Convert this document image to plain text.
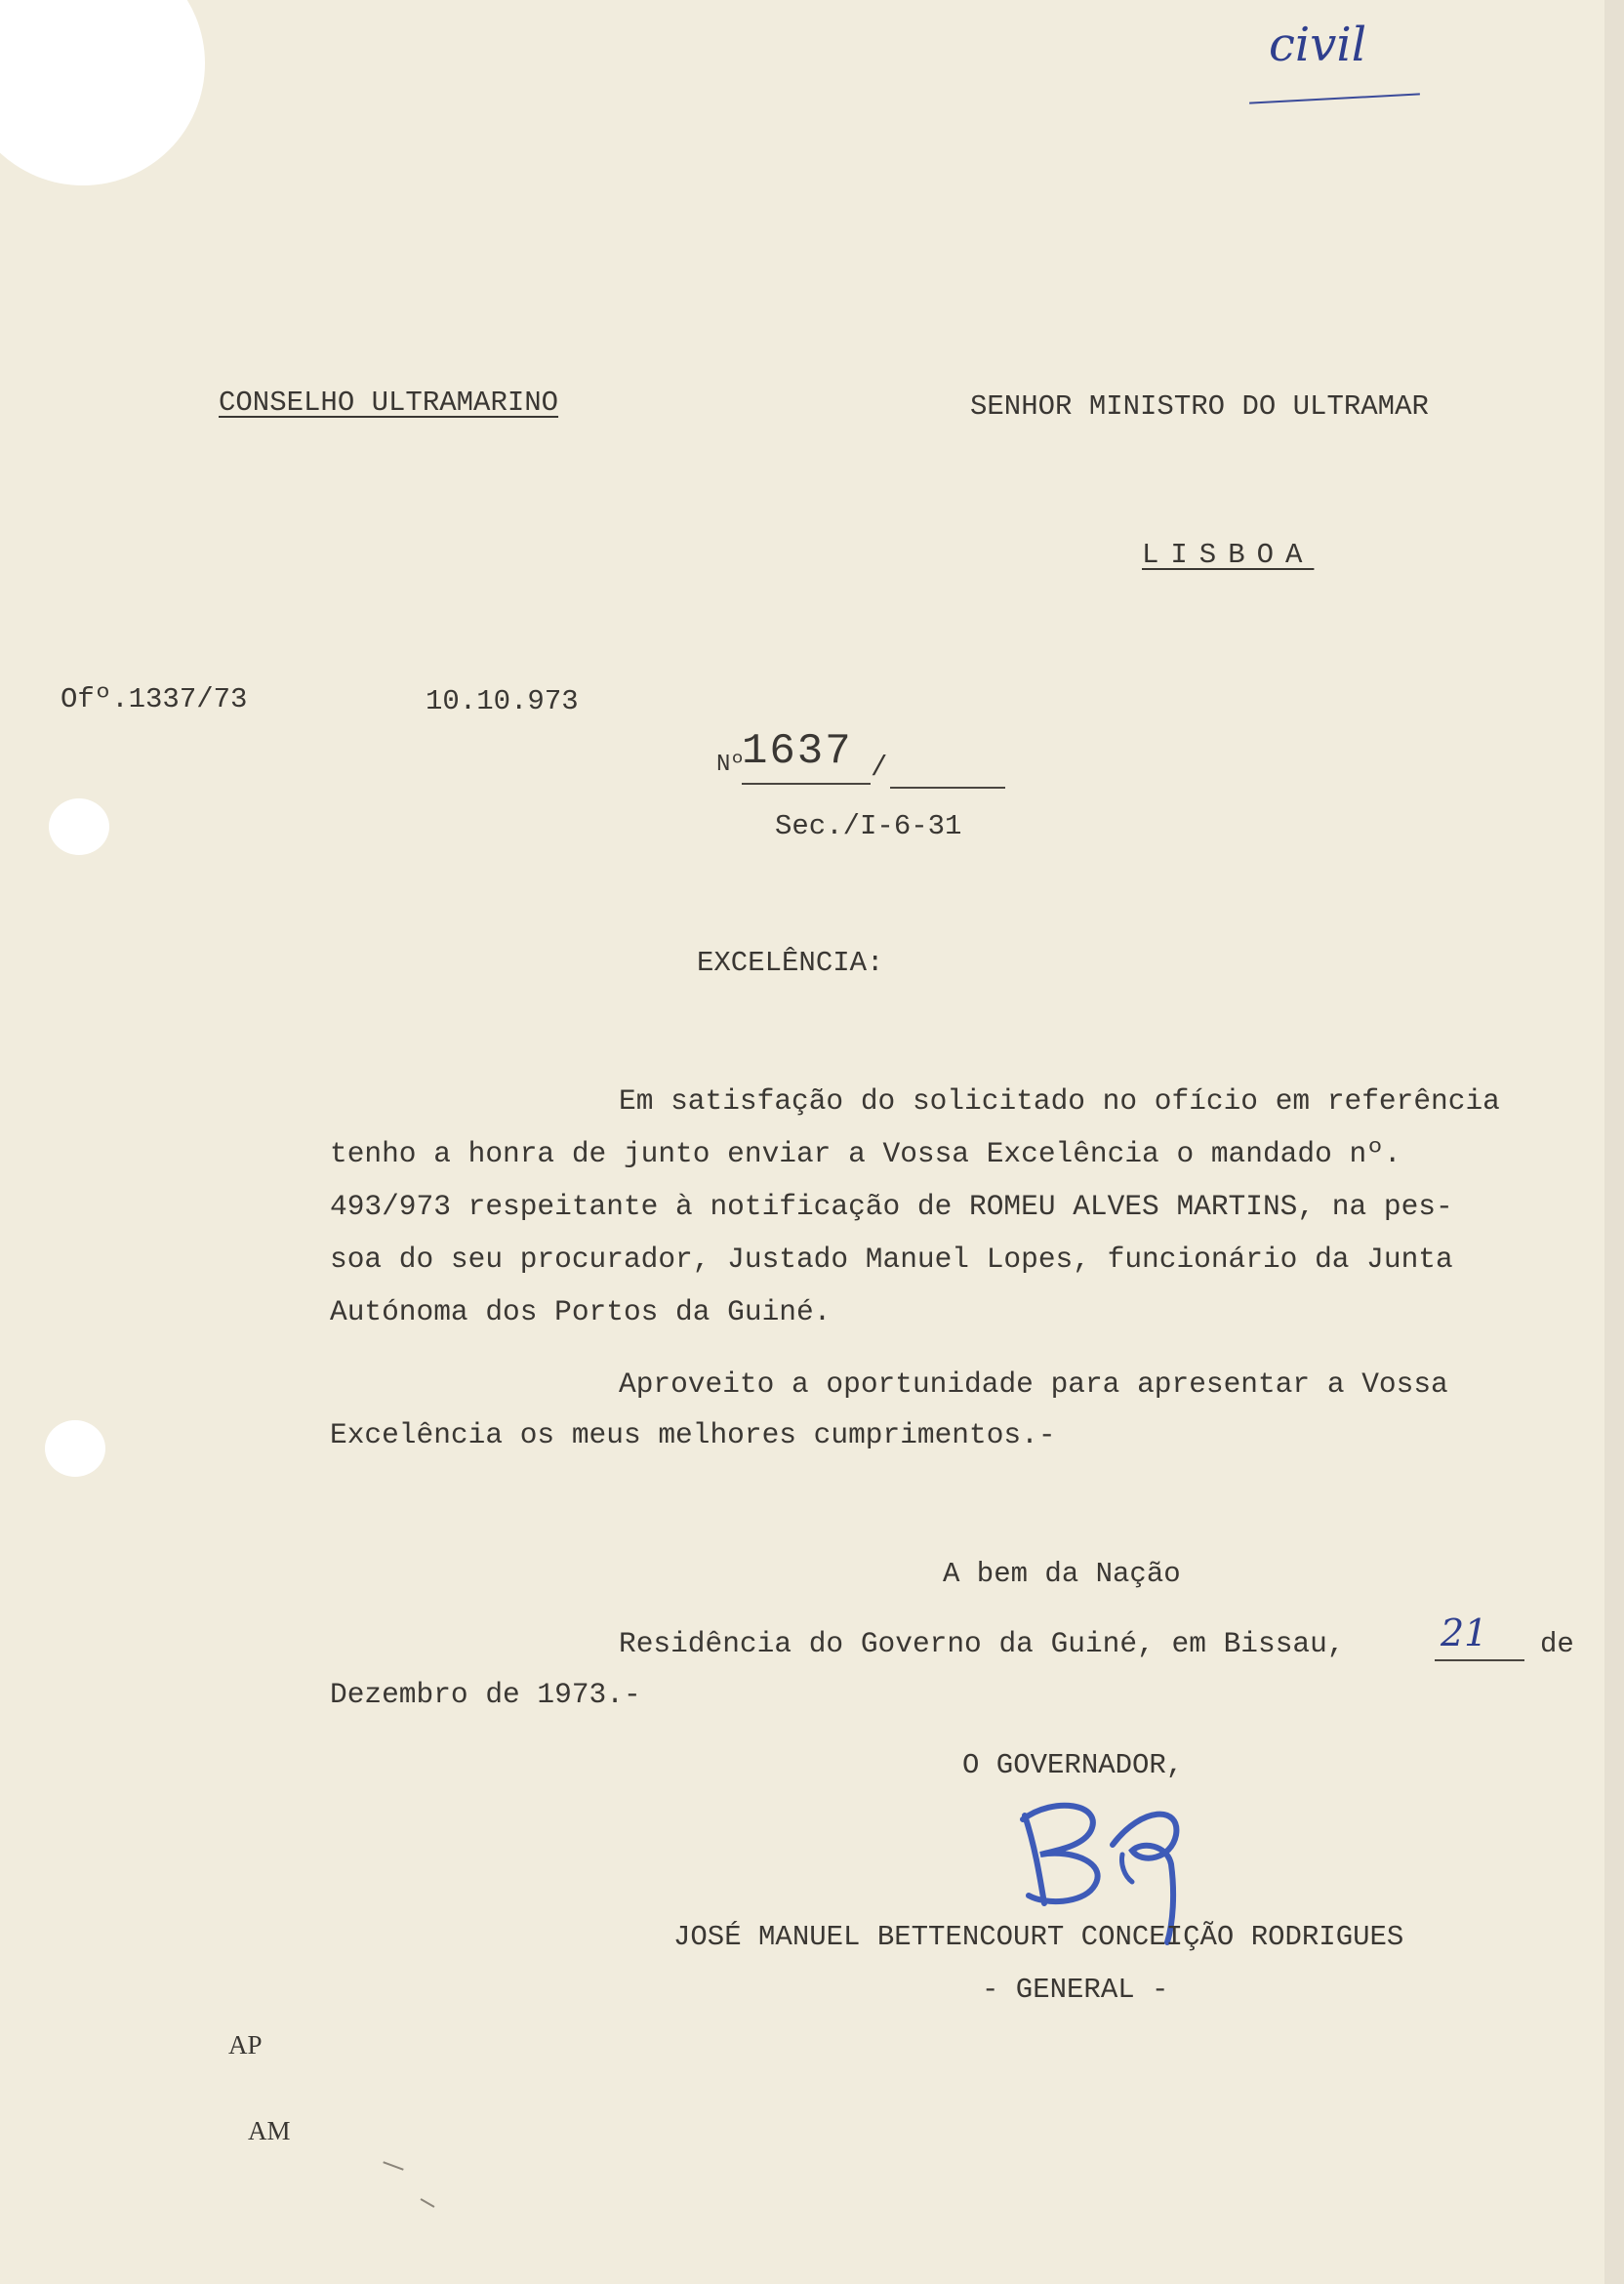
civil
CONSELHO ULTRAMARINO	SENHOR MINISTRO DO ULTRAMAR
LISBOA
Ofº.1337/73	10.10.973
Nº
1637 /
Sec./I-6-31
EXCELÊNCIA:
Em satisfação do solicitado no ofício em referência
tenho a honra de junto enviar a Vossa Excelência o mandado nº.
493/973 respeitante à notificação de ROMEU ALVES MARTINS, na pes-
soa do seu procurador, Justado Manuel Lopes, funcionário da Junta
Autónoma dos Portos da Guiné.
Aproveito a oportunidade para apresentar a Vossa
Excelência os meus melhores cumprimentos.-
A bem da Nação
Residência do Governo da Guiné, em Bissau,	21 de
Dezembro de 1973.-
O GOVERNADOR,
JOSÉ MANUEL BETTENCOURT CONCEIÇÃO RODRIGUES
- GENERAL -
AP
AM
